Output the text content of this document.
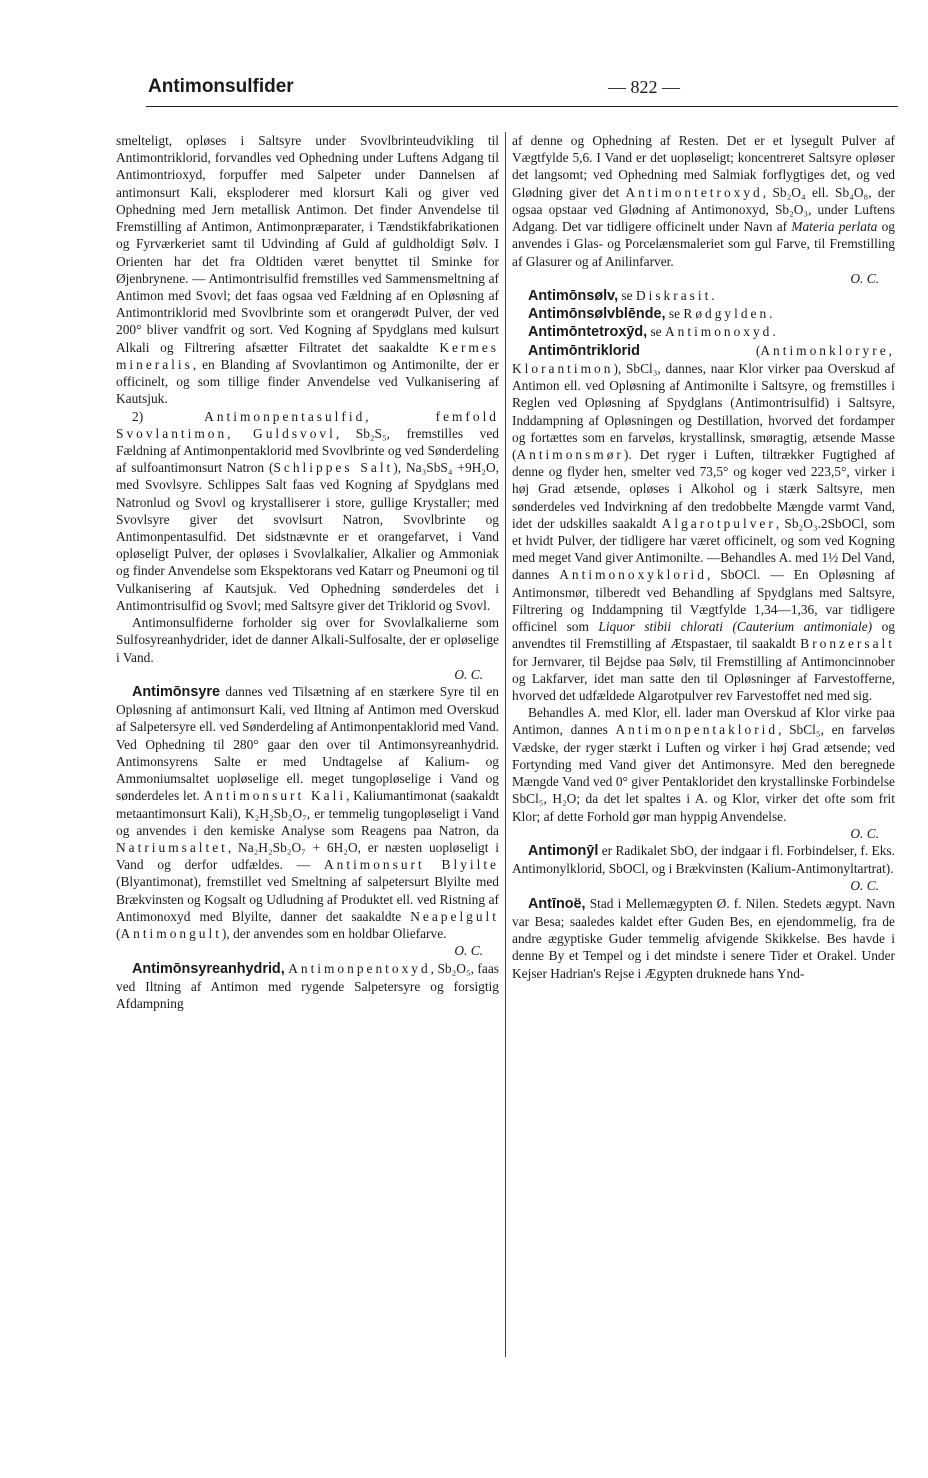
Antimonsulfider	— 822 —

smelteligt, opløses i Saltsyre under Svovlbrinteudvikling til Antimontriklorid, forvandles ved Ophedning under Luftens Adgang til Antimontrioxyd, forpuffer med Salpeter under Dannelsen af antimonsurt Kali, eksploderer med klorsurt Kali og giver ved Ophedning med Jern metallisk Antimon. Det finder Anvendelse til Fremstilling af Antimon, Antimonpræparater, i Tændstikfabrikationen og Fyrværkeriet samt til Udvinding af Guld af guldholdigt Sølv. I Orienten har det fra Oldtiden været benyttet til Sminke for Øjenbrynene. — Antimontrisulfid fremstilles ved Sammensmeltning af Antimon med Svovl; det faas ogsaa ved Fældning af en Opløsning af Antimontriklorid med Svovlbrinte som et orangerødt Pulver, der ved 200° bliver vandfrit og sort. Ved Kogning af Spydglans med kulsurt Alkali og Filtrering afsætter Filtratet det saakaldte Kermes mineralis, en Blanding af Svovlantimon og Antimonilte, der er officinelt, og som tillige finder Anvendelse ved Vulkanisering af Kautsjuk.

2) Antimonpentasulfid, femfold Svovlantimon, Guldsvovl, Sb₂S₅, fremstilles ved Fældning af Antimonpentaklorid med Svovlbrinte og ved Sønderdeling af sulfoantimonsurt Natron (Schlippes Salt), Na₃SbS₄ +9H₂O, med Svovlsyre. Schlippes Salt faas ved Kogning af Spydglans med Natronlud og Svovl og krystalliserer i store, gullige Krystaller; med Svovlsyre giver det svovlsurt Natron, Svovlbrinte og Antimonpentasulfid. Det sidstnævnte er et orangefarvet, i Vand opløseligt Pulver, der opløses i Svovlalkalier, Alkalier og Ammoniak og finder Anvendelse som Ekspektorans ved Katarr og Pneumoni og til Vulkanisering af Kautsjuk. Ved Ophedning sønderdeles det i Antimontrisulfid og Svovl; med Saltsyre giver det Triklorid og Svovl.

Antimonsulfiderne forholder sig over for Svovlalkalierne som Sulfosyreanhydrider, idet de danner Alkali-Sulfosalte, der er opløselige i Vand.

O. C.

Antimōnsyre dannes ved Tilsætning af en stærkere Syre til en Opløsning af antimonsurt Kali, ved Iltning af Antimon med Overskud af Salpetersyre ell. ved Sønderdeling af Antimonpentaklorid med Vand. Ved Ophedning til 280° gaar den over til Antimonsyreanhydrid. Antimonsyrens Salte er med Undtagelse af Kalium- og Ammoniumsaltet uopløselige ell. meget tungopløselige i Vand og sønderdeles let. Antimonsurt Kali, Kaliumantimonat (saakaldt metaantimonsurt Kali), K₂H₂Sb₂O₇, er temmelig tungopløseligt i Vand og anvendes i den kemiske Analyse som Reagens paa Natron, da Natriumsaltet, Na₂H₂Sb₂O₇ + 6H₂O, er næsten uopløseligt i Vand og derfor udfældes. — Antimonsurt Blyilte (Blyantimonat), fremstillet ved Smeltning af salpetersurt Blyilte med Brækvinsten og Kogsalt og Udludning af Produktet ell. ved Ristning af Antimonoxyd med Blyilte, danner det saakaldte Neapelgult (Antimongult), der anvendes som en holdbar Oliefarve.

O. C.

Antimōnsyreanhydrid, Antimonpentoxyd, Sb₂O₅, faas ved Iltning af Antimon med rygende Salpetersyre og forsigtig Afdampning

af denne og Ophedning af Resten. Det er et lysegult Pulver af Vægtfylde 5,6. I Vand er det uopløseligt; koncentreret Saltsyre opløser det langsomt; ved Ophedning med Salmiak forflygtiges det, og ved Glødning giver det Antimontetroxyd, Sb₂O₄ ell. Sb₄O₈, der ogsaa opstaar ved Glødning af Antimonoxyd, Sb₂O₃, under Luftens Adgang. Det var tidligere officinelt under Navn af Materia perlata og anvendes i Glas- og Porcelænsmaleriet som gul Farve, til Fremstilling af Glasurer og af Anilinfarver.

O. C.

Antimōnsølv, se Diskrasit.

Antimōnsølvblēnde, se Rødgylden.

Antimōntetroxȳd, se Antimonoxyd.

Antimōntriklorid (Antimonkloryre, Klorantimon), SbCl₃, dannes, naar Klor virker paa Overskud af Antimon ell. ved Opløsning af Antimonilte i Saltsyre, og fremstilles i Reglen ved Opløsning af Spydglans (Antimontrisulfid) i Saltsyre, Inddampning af Opløsningen og Destillation, hvorved det fordamper og fortættes som en farveløs, krystallinsk, smøragtig, ætsende Masse (Antimonsmør). Det ryger i Luften, tiltrækker Fugtighed af denne og flyder hen, smelter ved 73,5° og koger ved 223,5°, virker i høj Grad ætsende, opløses i Alkohol og i stærk Saltsyre, men sønderdeles ved Indvirkning af den tredobbelte Mængde varmt Vand, idet der udskilles saakaldt Algarotpulver, Sb₂O₃.2SbOCl, som et hvidt Pulver, der tidligere har været officinelt, og som ved Kogning med meget Vand giver Antimonilte. —Behandles A. med 1½ Del Vand, dannes Antimonoxyklorid, SbOCl. — En Opløsning af Antimonsmør, tilberedt ved Behandling af Spydglans med Saltsyre, Filtrering og Inddampning til Vægtfylde 1,34—1,36, var tidligere officinel som Liquor stibii chlorati (Cauterium antimoniale) og anvendtes til Fremstilling af Ætspastaer, til saakaldt Bronzersalt for Jernvarer, til Bejdse paa Sølv, til Fremstilling af Antimoncinnober og Lakfarver, idet man satte den til Opløsninger af Farvestofferne, hvorved det udfældede Algarotpulver rev Farvestoffet ned med sig.

Behandles A. med Klor, ell. lader man Overskud af Klor virke paa Antimon, dannes Antimonpentaklorid, SbCl₅, en farveløs Vædske, der ryger stærkt i Luften og virker i høj Grad ætsende; ved Fortynding med Vand giver det Antimonsyre. Med den beregnede Mængde Vand ved 0° giver Pentakloridet den krystallinske Forbindelse SbCl₅, H₂O; da det let spaltes i A. og Klor, virker det ofte som frit Klor; af dette Forhold gør man hyppig Anvendelse.

O. C.

Antimonȳl er Radikalet SbO, der indgaar i fl. Forbindelser, f. Eks. Antimonylklorid, SbOCl, og i Brækvinsten (Kalium-Antimonyltartrat).
O. C.

Antīnoë, Stad i Mellemægypten Ø. f. Nilen. Stedets ægypt. Navn var Besa; saaledes kaldet efter Guden Bes, en ejendommelig, fra de andre ægyptiske Guder temmelig afvigende Skikkelse. Bes havde i denne By et Tempel og i det mindste i senere Tider et Orakel. Under Kejser Hadrian's Rejse i Ægypten druknede hans Ynd-
